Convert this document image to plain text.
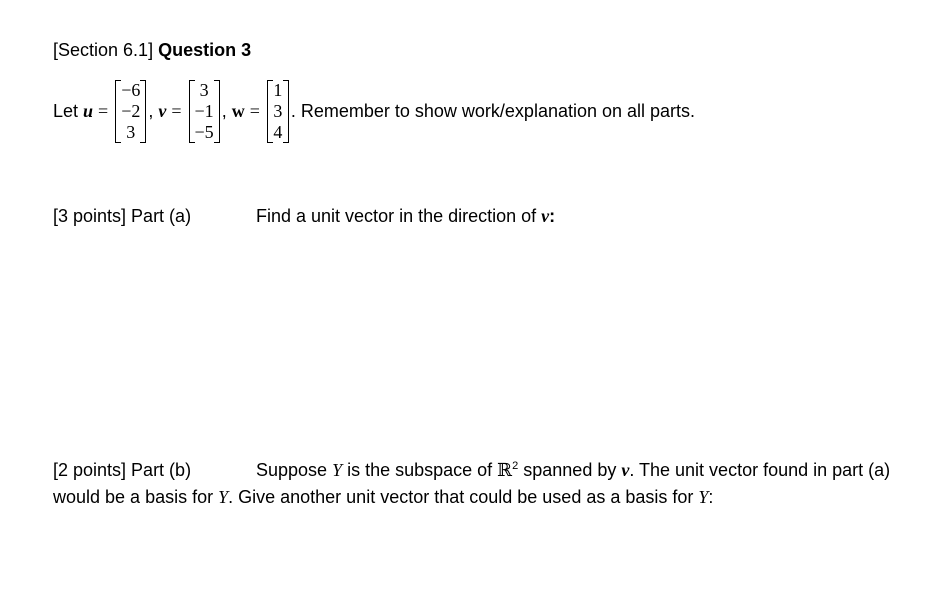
[Section 6.1] Question 3
Let u =
−6
−2
3
, v =
3
−1
−5
, w =
1
3
4
. Remember to show work/explanation on all parts.
[3 points] Part (a)	Find a unit vector in the direction of v:
[2 points] Part (b)	Suppose Y is the subspace of ℝ$^2$ spanned by v. The unit vector found in part (a)
would be a basis for Y. Give another unit vector that could be used as a basis for Y:
